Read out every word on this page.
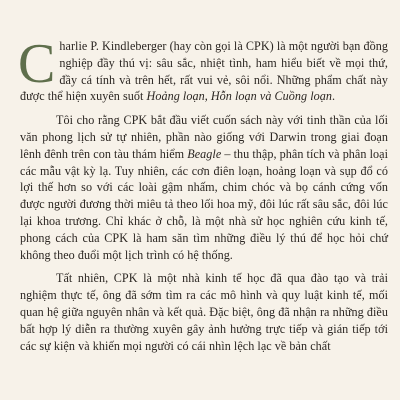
Charlie P. Kindleberger (hay còn gọi là CPK) là một người bạn đồng nghiệp đầy thú vị: sâu sắc, nhiệt tình, ham hiểu biết về mọi thứ, đầy cá tính và trên hết, rất vui vẻ, sôi nổi. Những phẩm chất này được thể hiện xuyên suốt Hoảng loạn, Hỗn loạn và Cuồng loạn.

Tôi cho rằng CPK bắt đầu viết cuốn sách này với tinh thần của lối văn phong lịch sử tự nhiên, phần nào giống với Darwin trong giai đoạn lênh đênh trên con tàu thám hiểm Beagle – thu thập, phân tích và phân loại các mẫu vật kỳ lạ. Tuy nhiên, các cơn điên loạn, hoảng loạn và sụp đổ có lợi thế hơn so với các loài gậm nhấm, chim chóc và bọ cánh cứng vốn được người đương thời miêu tả theo lối hoa mỹ, đôi lúc rất sâu sắc, đôi lúc lại khoa trương. Chỉ khác ở chỗ, là một nhà sử học nghiên cứu kinh tế, phong cách của CPK là ham săn tìm những điều lý thú để học hỏi chứ không theo đuổi một lịch trình có hệ thống.

Tất nhiên, CPK là một nhà kinh tế học đã qua đào tạo và trải nghiệm thực tế, ông đã sớm tìm ra các mô hình và quy luật kinh tế, mối quan hệ giữa nguyên nhân và kết quả. Đặc biệt, ông đã nhận ra những điều bất hợp lý diễn ra thường xuyên gây ảnh hưởng trực tiếp và gián tiếp tới các sự kiện và khiến mọi người có cái nhìn lệch lạc về bản chất
